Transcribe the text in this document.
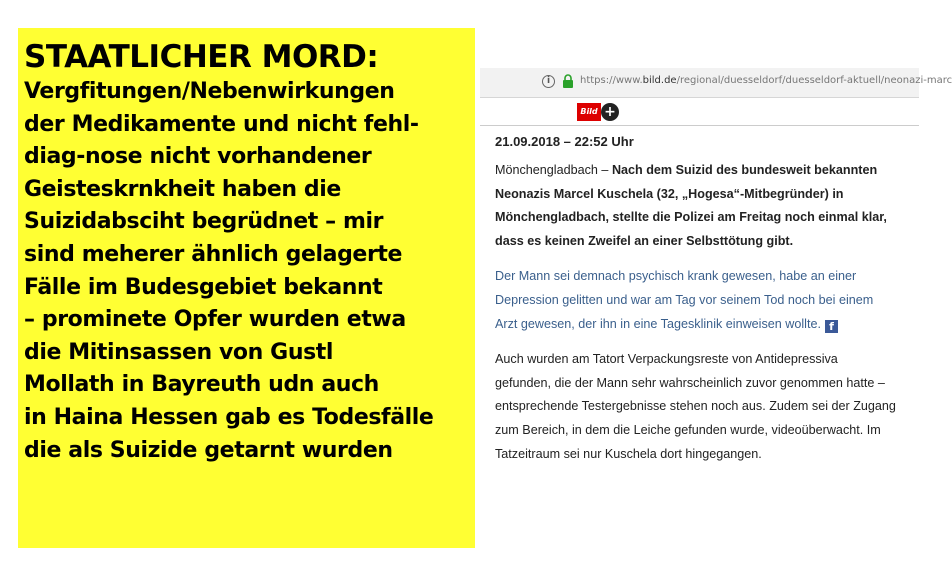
STAATLICHER MORD:
Vergfitungen/Nebenwirkungen
der Medikamente und nicht fehl-
diag-nose nicht vorhandener
Geisteskrnkheit haben die
Suizidabsciht begrüdnet – mir
sind meherer ähnlich gelagerte
Fälle im Budesgebiet bekannt
– prominete Opfer wurden etwa
die Mitinsassen von Gustl
Mollath in Bayreuth udn auch
in Haina Hessen gab es Todesfälle
die als Suizide getarnt wurden
i	https://www.bild.de/regional/duesseldorf/duesseldorf-aktuell/neonazi-marc
Bild +
21.09.2018 – 22:52 Uhr

Mönchengladbach – Nach dem Suizid des bundesweit bekannten
Neonazis Marcel Kuschela (32, „Hogesa“-Mitbegründer) in
Mönchengladbach, stellte die Polizei am Freitag noch einmal klar,
dass es keinen Zweifel an einer Selbsttötung gibt.

Der Mann sei demnach psychisch krank gewesen, habe an einer
Depression gelitten und war am Tag vor seinem Tod noch bei einem
Arzt gewesen, der ihn in eine Tagesklinik einweisen wollte. f

Auch wurden am Tatort Verpackungsreste von Antidepressiva
gefunden, die der Mann sehr wahrscheinlich zuvor genommen hatte –
entsprechende Testergebnisse stehen noch aus. Zudem sei der Zugang
zum Bereich, in dem die Leiche gefunden wurde, videoüberwacht. Im
Tatzeitraum sei nur Kuschela dort hingegangen.
